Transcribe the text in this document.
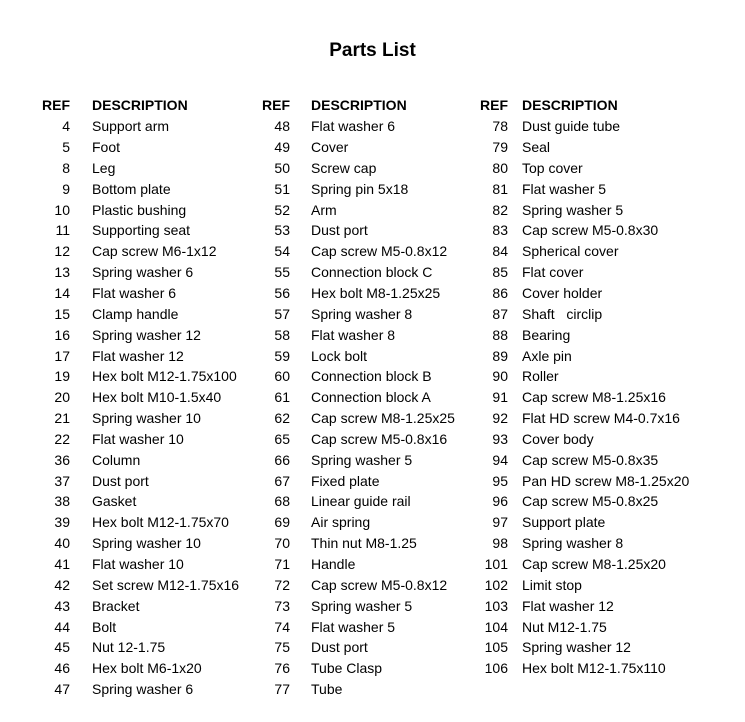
Parts List
REF DESCRIPTION
4 Support arm
5 Foot
8 Leg
9 Bottom plate
10 Plastic bushing
11 Supporting seat
12 Cap screw M6-1x12
13 Spring washer 6
14 Flat washer 6
15 Clamp handle
16 Spring washer 12
17 Flat washer 12
19 Hex bolt M12-1.75x100
20 Hex bolt M10-1.5x40
21 Spring washer 10
22 Flat washer 10
36 Column
37 Dust port
38 Gasket
39 Hex bolt M12-1.75x70
40 Spring washer 10
41 Flat washer 10
42 Set screw M12-1.75x16
43 Bracket
44 Bolt
45 Nut 12-1.75
46 Hex bolt M6-1x20
47 Spring washer 6
REF DESCRIPTION
48 Flat washer 6
49 Cover
50 Screw cap
51 Spring pin 5x18
52 Arm
53 Dust port
54 Cap screw M5-0.8x12
55 Connection block C
56 Hex bolt M8-1.25x25
57 Spring washer 8
58 Flat washer 8
59 Lock bolt
60 Connection block B
61 Connection block A
62 Cap screw M8-1.25x25
65 Cap screw M5-0.8x16
66 Spring washer 5
67 Fixed plate
68 Linear guide rail
69 Air spring
70 Thin nut M8-1.25
71 Handle
72 Cap screw M5-0.8x12
73 Spring washer 5
74 Flat washer 5
75 Dust port
76 Tube Clasp
77 Tube
REF DESCRIPTION
78 Dust guide tube
79 Seal
80 Top cover
81 Flat washer 5
82 Spring washer 5
83 Cap screw M5-0.8x30
84 Spherical cover
85 Flat cover
86 Cover holder
87 Shaft   circlip
88 Bearing
89 Axle pin
90 Roller
91 Cap screw M8-1.25x16
92 Flat HD screw M4-0.7x16
93 Cover body
94 Cap screw M5-0.8x35
95 Pan HD screw M8-1.25x20
96 Cap screw M5-0.8x25
97 Support plate
98 Spring washer 8
101 Cap screw M8-1.25x20
102 Limit stop
103 Flat washer 12
104 Nut M12-1.75
105 Spring washer 12
106 Hex bolt M12-1.75x110
